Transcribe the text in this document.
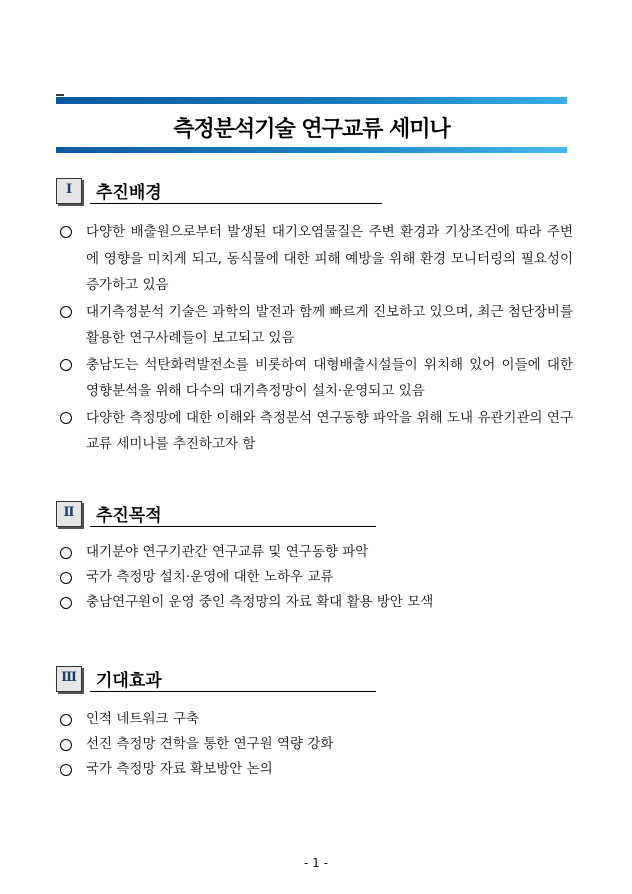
측정분석기술 연구교류 세미나
Ⅰ	추진배경
다양한 배출원으로부터 발생된 대기오염물질은 주변 환경과 기상조건에 따라 주변에 영향을 미치게 되고, 동식물에 대한 피해 예방을 위해 환경 모니터링의 필요성이 증가하고 있음
대기측정분석 기술은 과학의 발전과 함께 빠르게 진보하고 있으며, 최근 첨단장비를 활용한 연구사례들이 보고되고 있음
충남도는 석탄화력발전소를 비롯하여 대형배출시설들이 위치해 있어 이들에 대한 영향분석을 위해 다수의 대기측정망이 설치·운영되고 있음
다양한 측정망에 대한 이해와 측정분석 연구동향 파악을 위해 도내 유관기관의 연구교류 세미나를 추진하고자 함
Ⅱ	추진목적
대기분야 연구기관간 연구교류 및 연구동향 파악
국가 측정망 설치·운영에 대한 노하우 교류
충남연구원이 운영 중인 측정망의 자료 확대 활용 방안 모색
Ⅲ 기대효과
인적 네트워크 구축
선진 측정망 견학을 통한 연구원 역량 강화
국가 측정망 자료 확보방안 논의
- 1 -
